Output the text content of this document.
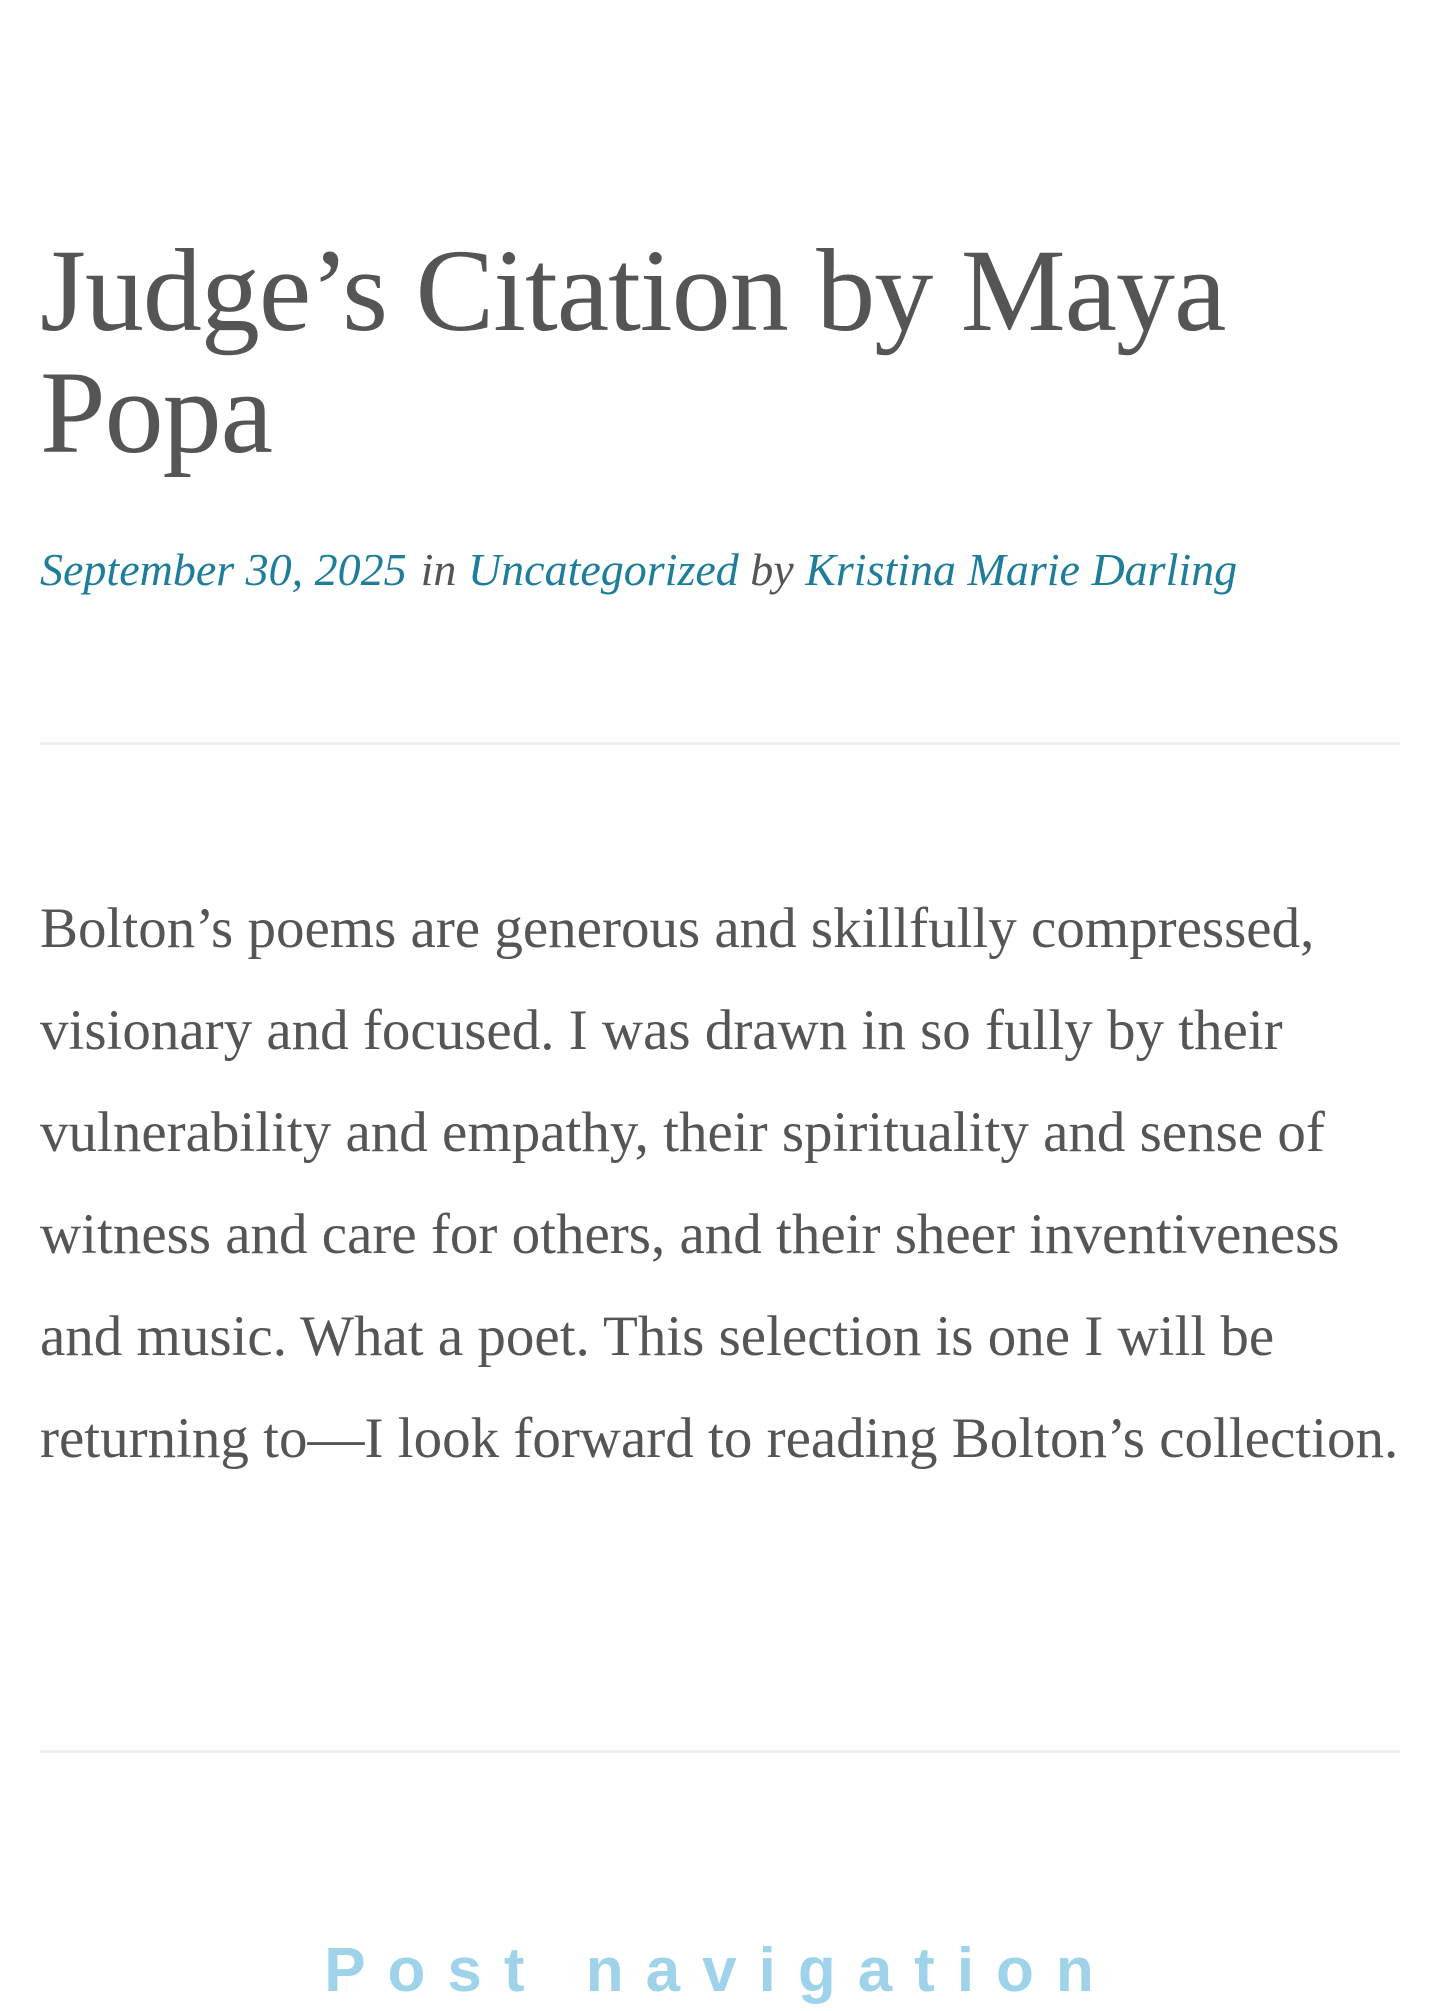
Judge’s Citation by Maya Popa
September 30, 2025 in Uncategorized by Kristina Marie Darling

Bolton’s poems are generous and skillfully compressed, visionary and focused. I was drawn in so fully by their vulnerability and empathy, their spirituality and sense of witness and care for others, and their sheer inventiveness and music. What a poet. This selection is one I will be returning to—I look forward to reading Bolton’s collection.

Post navigation
